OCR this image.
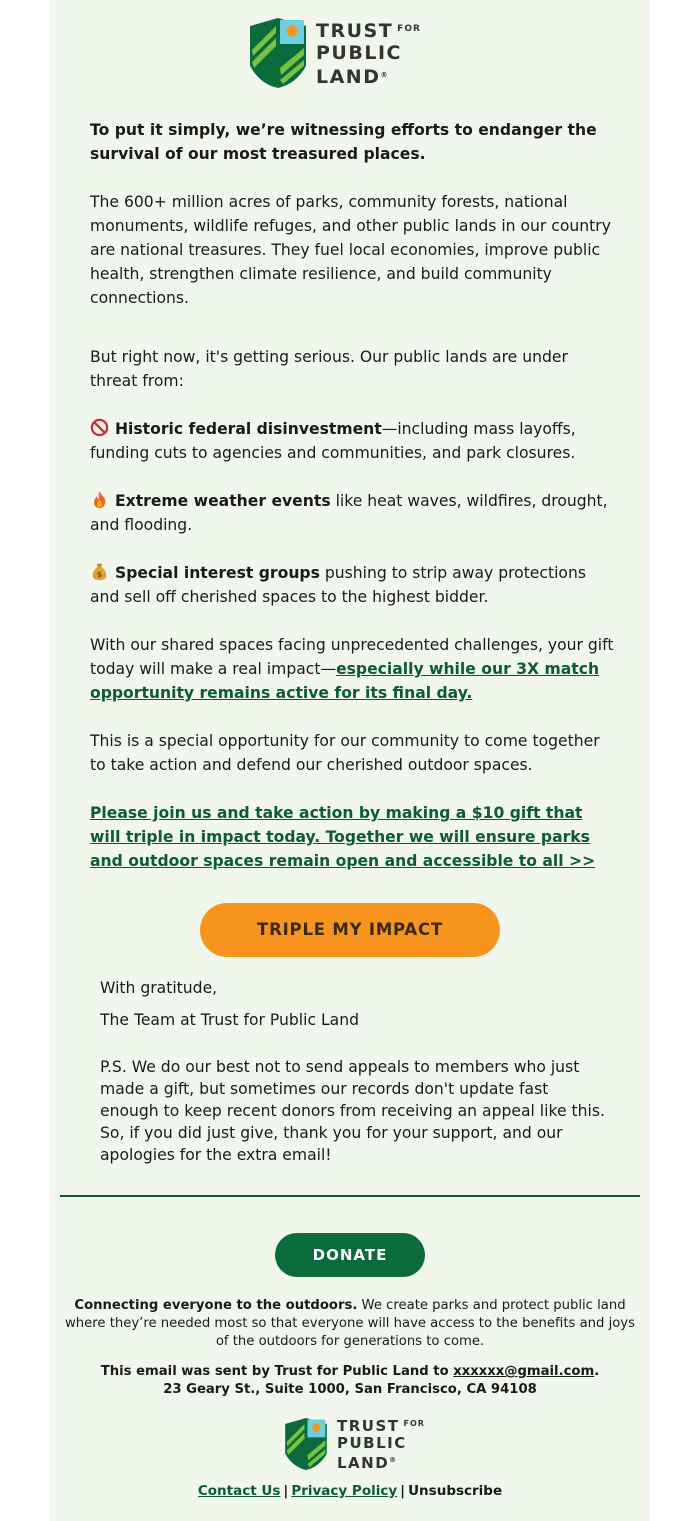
TRUST $^{FOR}$
PUBLIC
LAND®
To put it simply, we’re witnessing efforts to endanger the survival of our most treasured places.
The 600+ million acres of parks, community forests, national monuments, wildlife refuges, and other public lands in our country are national treasures. They fuel local economies, improve public health, strengthen climate resilience, and build community connections.
But right now, it's getting serious. Our public lands are under threat from:
Historic federal disinvestment—including mass layoffs, funding cuts to agencies and communities, and park closures.
Extreme weather events like heat waves, wildfires, drought, and flooding.
$ Special interest groups pushing to strip away protections and sell off cherished spaces to the highest bidder.
With our shared spaces facing unprecedented challenges, your gift today will make a real impact—especially while our 3X match opportunity remains active for its final day.
This is a special opportunity for our community to come together to take action and defend our cherished outdoor spaces.
Please join us and take action by making a $10 gift that will triple in impact today. Together we will ensure parks and outdoor spaces remain open and accessible to all >>
TRIPLE MY IMPACT
With gratitude,
The Team at Trust for Public Land
P.S. We do our best not to send appeals to members who just made a gift, but sometimes our records don't update fast enough to keep recent donors from receiving an appeal like this. So, if you did just give, thank you for your support, and our apologies for the extra email!
DONATE
Connecting everyone to the outdoors. We create parks and protect public land where they’re needed most so that everyone will have access to the benefits and joys of the outdoors for generations to come.
This email was sent by Trust for Public Land to xxxxxx@gmail.com.
23 Geary St., Suite 1000, San Francisco, CA 94108
TRUST $^{FOR}$
PUBLIC
LAND®
Contact Us | Privacy Policy | Unsubscribe
